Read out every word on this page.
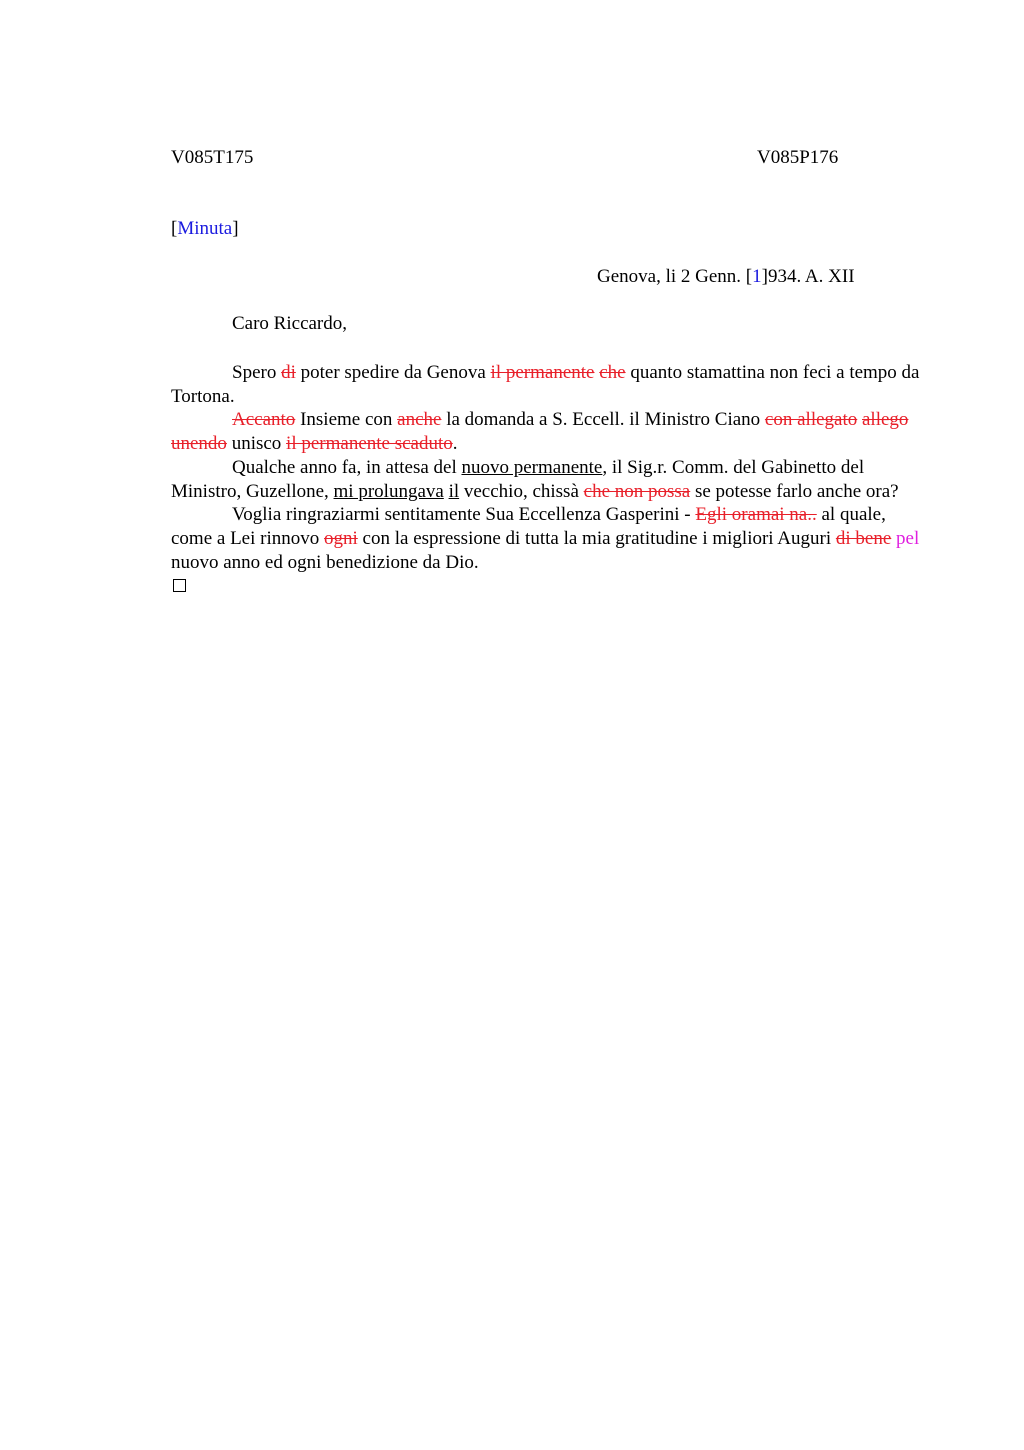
V085T175	V085P176
[Minuta]
Genova, li 2 Genn. [1]934. A. XII
Caro Riccardo,

Spero di poter spedire da Genova il permanente che quanto stamattina non feci a tempo da Tortona.

Accanto Insieme con anche la domanda a S. Eccell. il Ministro Ciano con allegato allego unendo unisco il permanente scaduto.

Qualche anno fa, in attesa del nuovo permanente, il Sig.r. Comm. del Gabinetto del Ministro, Guzellone, mi prolungava il vecchio, chissà che non possa se potesse farlo anche ora?

Voglia ringraziarmi sentitamente Sua Eccellenza Gasperini - Egli oramai na.. al quale, come a Lei rinnovo ogni con la espressione di tutta la mia gratitudine i migliori Auguri di bene pel nuovo anno ed ogni benedizione da Dio.
